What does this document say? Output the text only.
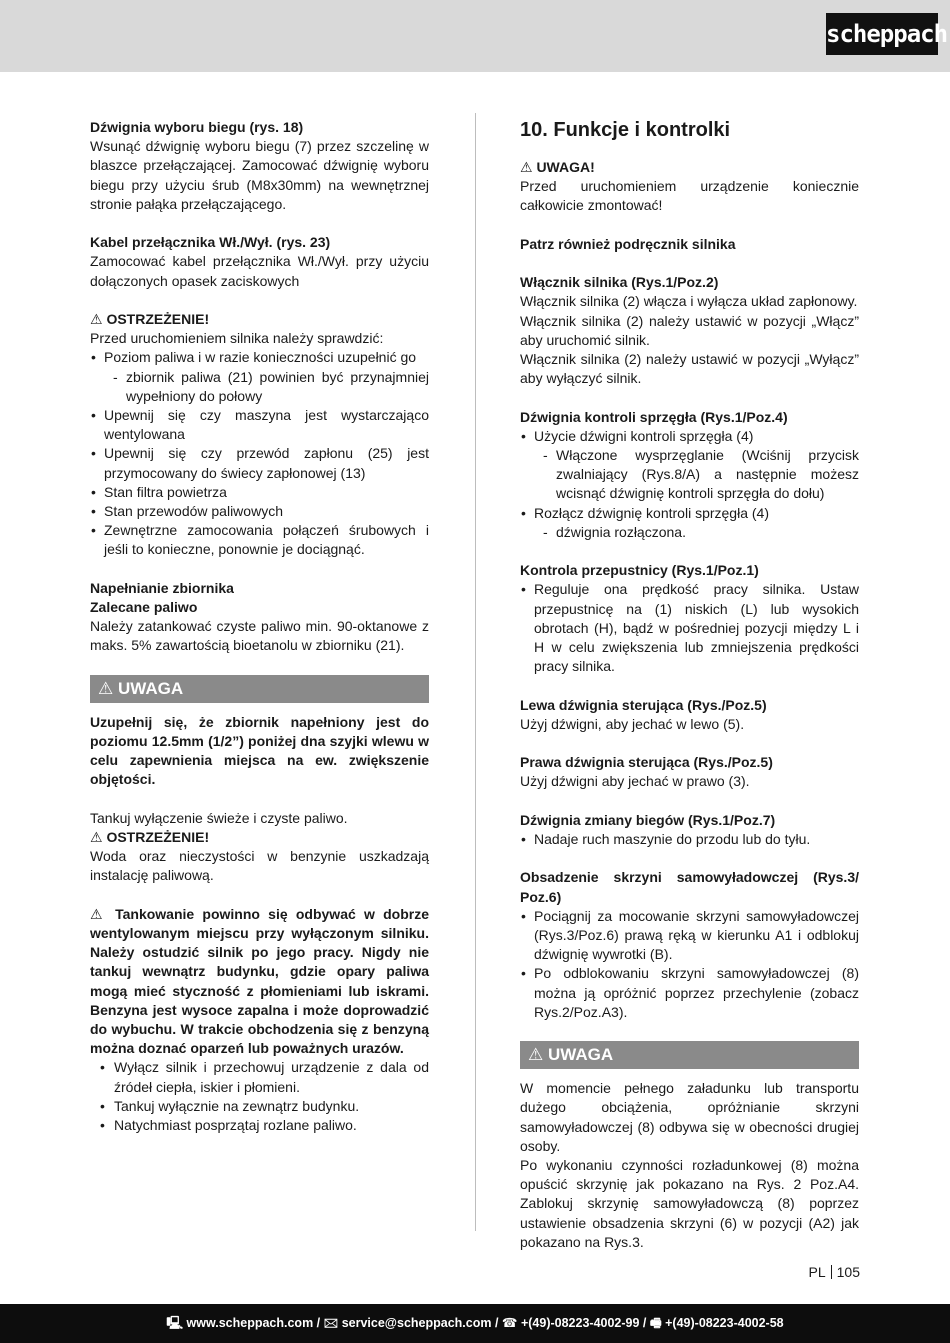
scheppach

Dźwignia wyboru biegu (rys. 18)

Wsunąć dźwignię wyboru biegu (7) przez szczelinę w blaszce przełączającej. Zamocować dźwignię wyboru biegu przy użyciu śrub (M8x30mm) na wewnętrznej stronie pałąka przełączającego.

Kabel przełącznika Wł./Wył. (rys. 23)

Zamocować kabel przełącznika Wł./Wył. przy użyciu dołączonych opasek zaciskowych

⚠ OSTRZEŻENIE!

Przed uruchomieniem silnika należy sprawdzić:

• Poziom paliwa i w razie konieczności uzupełnić go
- zbiornik paliwa (21) powinien być przynajmniej wypełniony do połowy
• Upewnij się czy maszyna jest wystarczająco wentylowana
• Upewnij się czy przewód zapłonu (25) jest przymocowany do świecy zapłonowej (13)
• Stan filtra powietrza
• Stan przewodów paliwowych
• Zewnętrzne zamocowania połączeń śrubowych i jeśli to konieczne, ponownie je dociągnąć.

Napełnianie zbiornika

Zalecane paliwo

Należy zatankować czyste paliwo min. 90-oktanowe z maks. 5% zawartością bioetanolu w zbiorniku (21).

⚠ UWAGA

Uzupełnij się, że zbiornik napełniony jest do poziomu 12.5mm (1/2”) poniżej dna szyjki wlewu w celu zapewnienia miejsca na ew. zwiększenie objętości.

Tankuj wyłączenie świeże i czyste paliwo.

⚠ OSTRZEŻENIE!

Woda oraz nieczystości w benzynie uszkadzają instalację paliwową.

⚠ Tankowanie powinno się odbywać w dobrze wentylowanym miejscu przy wyłączonym silniku. Należy ostudzić silnik po jego pracy. Nigdy nie tankuj wewnątrz budynku, gdzie opary paliwa mogą mieć styczność z płomieniami lub iskrami. Benzyna jest wysoce zapalna i może doprowadzić do wybuchu. W trakcie obchodzenia się z benzyną można doznać oparzeń lub poważnych urazów.

• Wyłącz silnik i przechowuj urządzenie z dala od źródeł ciepła, iskier i płomieni.
• Tankuj wyłącznie na zewnątrz budynku.
• Natychmiast posprzątaj rozlane paliwo.

10. Funkcje i kontrolki

⚠ UWAGA!

Przed uruchomieniem urządzenie koniecznie całkowicie zmontować!

Patrz również podręcznik silnika

Włącznik silnika (Rys.1/Poz.2)

Włącznik silnika (2) włącza i wyłącza układ zapłonowy.

Włącznik silnika (2) należy ustawić w pozycji „Włącz” aby uruchomić silnik.

Włącznik silnika (2) należy ustawić w pozycji „Wyłącz” aby wyłączyć silnik.

Dźwignia kontroli sprzęgła (Rys.1/Poz.4)

• Użycie dźwigni kontroli sprzęgła (4)
- Włączone wysprzęglanie (Wciśnij przycisk zwalniający (Rys.8/A) a następnie możesz wcisnąć dźwignię kontroli sprzęgła do dołu)
• Rozłącz dźwignię kontroli sprzęgła (4)
- dźwignia rozłączona.

Kontrola przepustnicy (Rys.1/Poz.1)

• Reguluje ona prędkość pracy silnika. Ustaw przepustnicę na (1) niskich (L) lub wysokich obrotach (H), bądź w pośredniej pozycji między L i H w celu zwiększenia lub zmniejszenia prędkości pracy silnika.

Lewa dźwignia sterująca (Rys./Poz.5)

Użyj dźwigni, aby jechać w lewo (5).

Prawa dźwignia sterująca (Rys./Poz.5)

Użyj dźwigni aby jechać w prawo (3).

Dźwignia zmiany biegów (Rys.1/Poz.7)

• Nadaje ruch maszynie do przodu lub do tyłu.

Obsadzenie skrzyni samowyładowczej (Rys.3/ Poz.6)

• Pociągnij za mocowanie skrzyni samowyładowczej (Rys.3/Poz.6) prawą ręką w kierunku A1 i odblokuj dźwignię wywrotki (B).
• Po odblokowaniu skrzyni samowyładowczej (8) można ją opróżnić poprzez przechylenie (zobacz Rys.2/Poz.A3).
⚠ UWAGA

W momencie pełnego załadunku lub transportu dużego obciążenia, opróżnianie skrzyni samowyładowczej (8) odbywa się w obecności drugiej osoby.

Po wykonaniu czynności rozładunkowej (8) można opuścić skrzynię jak pokazano na Rys. 2 Poz.A4. Zablokuj skrzynię samowyładowczą (8) poprzez ustawienie obsadzenia skrzyni (6) w pozycji (A2) jak pokazano na Rys.3.

PL 105
🖳 www.scheppach.com / 🖂 service@scheppach.com / ☎ +(49)-08223-4002-99 / 🖷 +(49)-08223-4002-58
